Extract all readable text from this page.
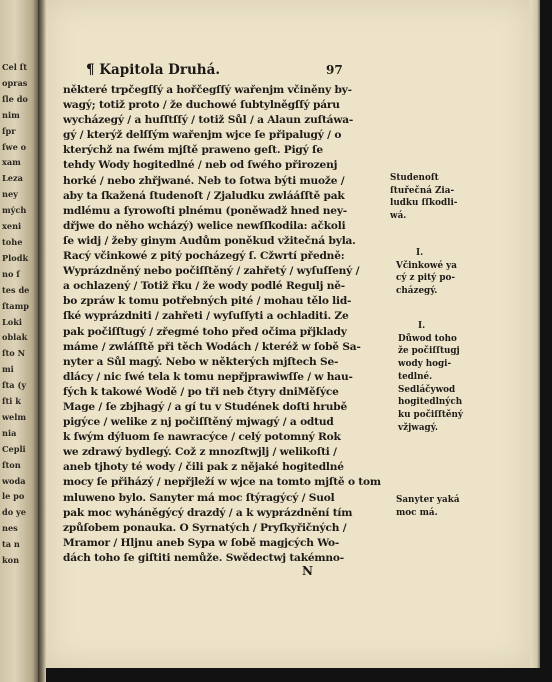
Cel ſt
opras
ſle do
nim
ſpr
ſwe o
xam
Leza
ney
mých
xeni
tohe
Plodk
no ſ
tes de
ſtamp
Loki
oblak
ſto N
mi
ſta (y
ſti k
welm
nia
Cepli
ſton
woda
le po
do ye
nes
ta n
kon
¶ Kapitola Druhá.	97
některé trpčegſſý a hořčegſſý wařenjm včiněny by-
wagý; totiž proto / že duchowé ſubtylněgſſý páru
wycházegý / a huſſtſſý / totiž Sůl / a Alaun zuſtáwa-
gý / kterýž delſſým wařenjm wjce ſe připalugý / o
kterýchž na ſwém mjſtě praweno geſt. Pigý ſe
tehdy Wody hogitedlné / neb od ſwého přirozenj
horké / nebo zhřjwané. Neb to ſotwa býti muože /
aby ta ſkažená ſtudenoſt / Zjaludku zwlááſſtě pak
mdlému a ſyrowoſti plnému (poněwadž hned ney-
dřjwe do něho wcházý) welice newſſkodila: ačkoli
ſe widj / žeby ginym Audům poněkud vžitečná byla.
Racý včinkowé z pitý pocházegý ſ. Cžwrtí předně:
Wyprázdněný nebo počiſſtěný / zahřetý / wyſuſſený /
a ochlazený / Totiž řku / že wody podlé Regulj ně-
bo zpráw k tomu potřebných pité / mohau tělo lid-
ſké wyprázdniti / zahřeti / wyſuſſyti a ochladiti. Ze
pak počiſſtugý / zřegmé toho před očima přjklady
máme / zwláſſtě při těch Wodách / kteréž w ſobě Sa-
nyter a Sůl magý. Nebo w některých mjſtech Se-
dlácy / nic ſwé tela k tomu nepřjprawiwſſe / w hau-
fých k takowé Wodě / po tři neb čtyry dniMěſýce
Mage / ſe zbjhagý / a gí tu v Studének doſti hrubě
pigýce / welike z nj počiſſtěný mjwagý / a odtud
k ſwým dýluom ſe nawracýce / celý potomný Rok
we zdrawý bydlegý. Což z mnozſtwjlj / welikoſti /
aneb tjhoty té wody / čili pak z nějaké hogitedlné
mocy ſe přiházý / nepřjleží w wjce na tomto mjſtě o tom
mluweno bylo. Sanyter má moc ſtýragýcý / Suol
pak moc wyháněgýcý drazdý / a k wyprázdnění tím
způſobem ponauka. O Syrnatých / Pryſkyřičných /
Mramor / Hljnu aneb Sypa w ſobě magjcých Wo-
dách toho ſe giſtiti nemůže. Swědectwj takémno-
Studenoſt
ſtuřečná Zia-
ludku ſſkodli-
wá.
I.
Včinkowé ya
cý z pitý po-
cházegý.
I.
Důwod toho
že počiſſtugj
wody hogi-
tedlné.
Sedláčywod
hogitedlných
ku počiſſtěný
vžjwagý.
Sanyter yaká
moc má.
N
